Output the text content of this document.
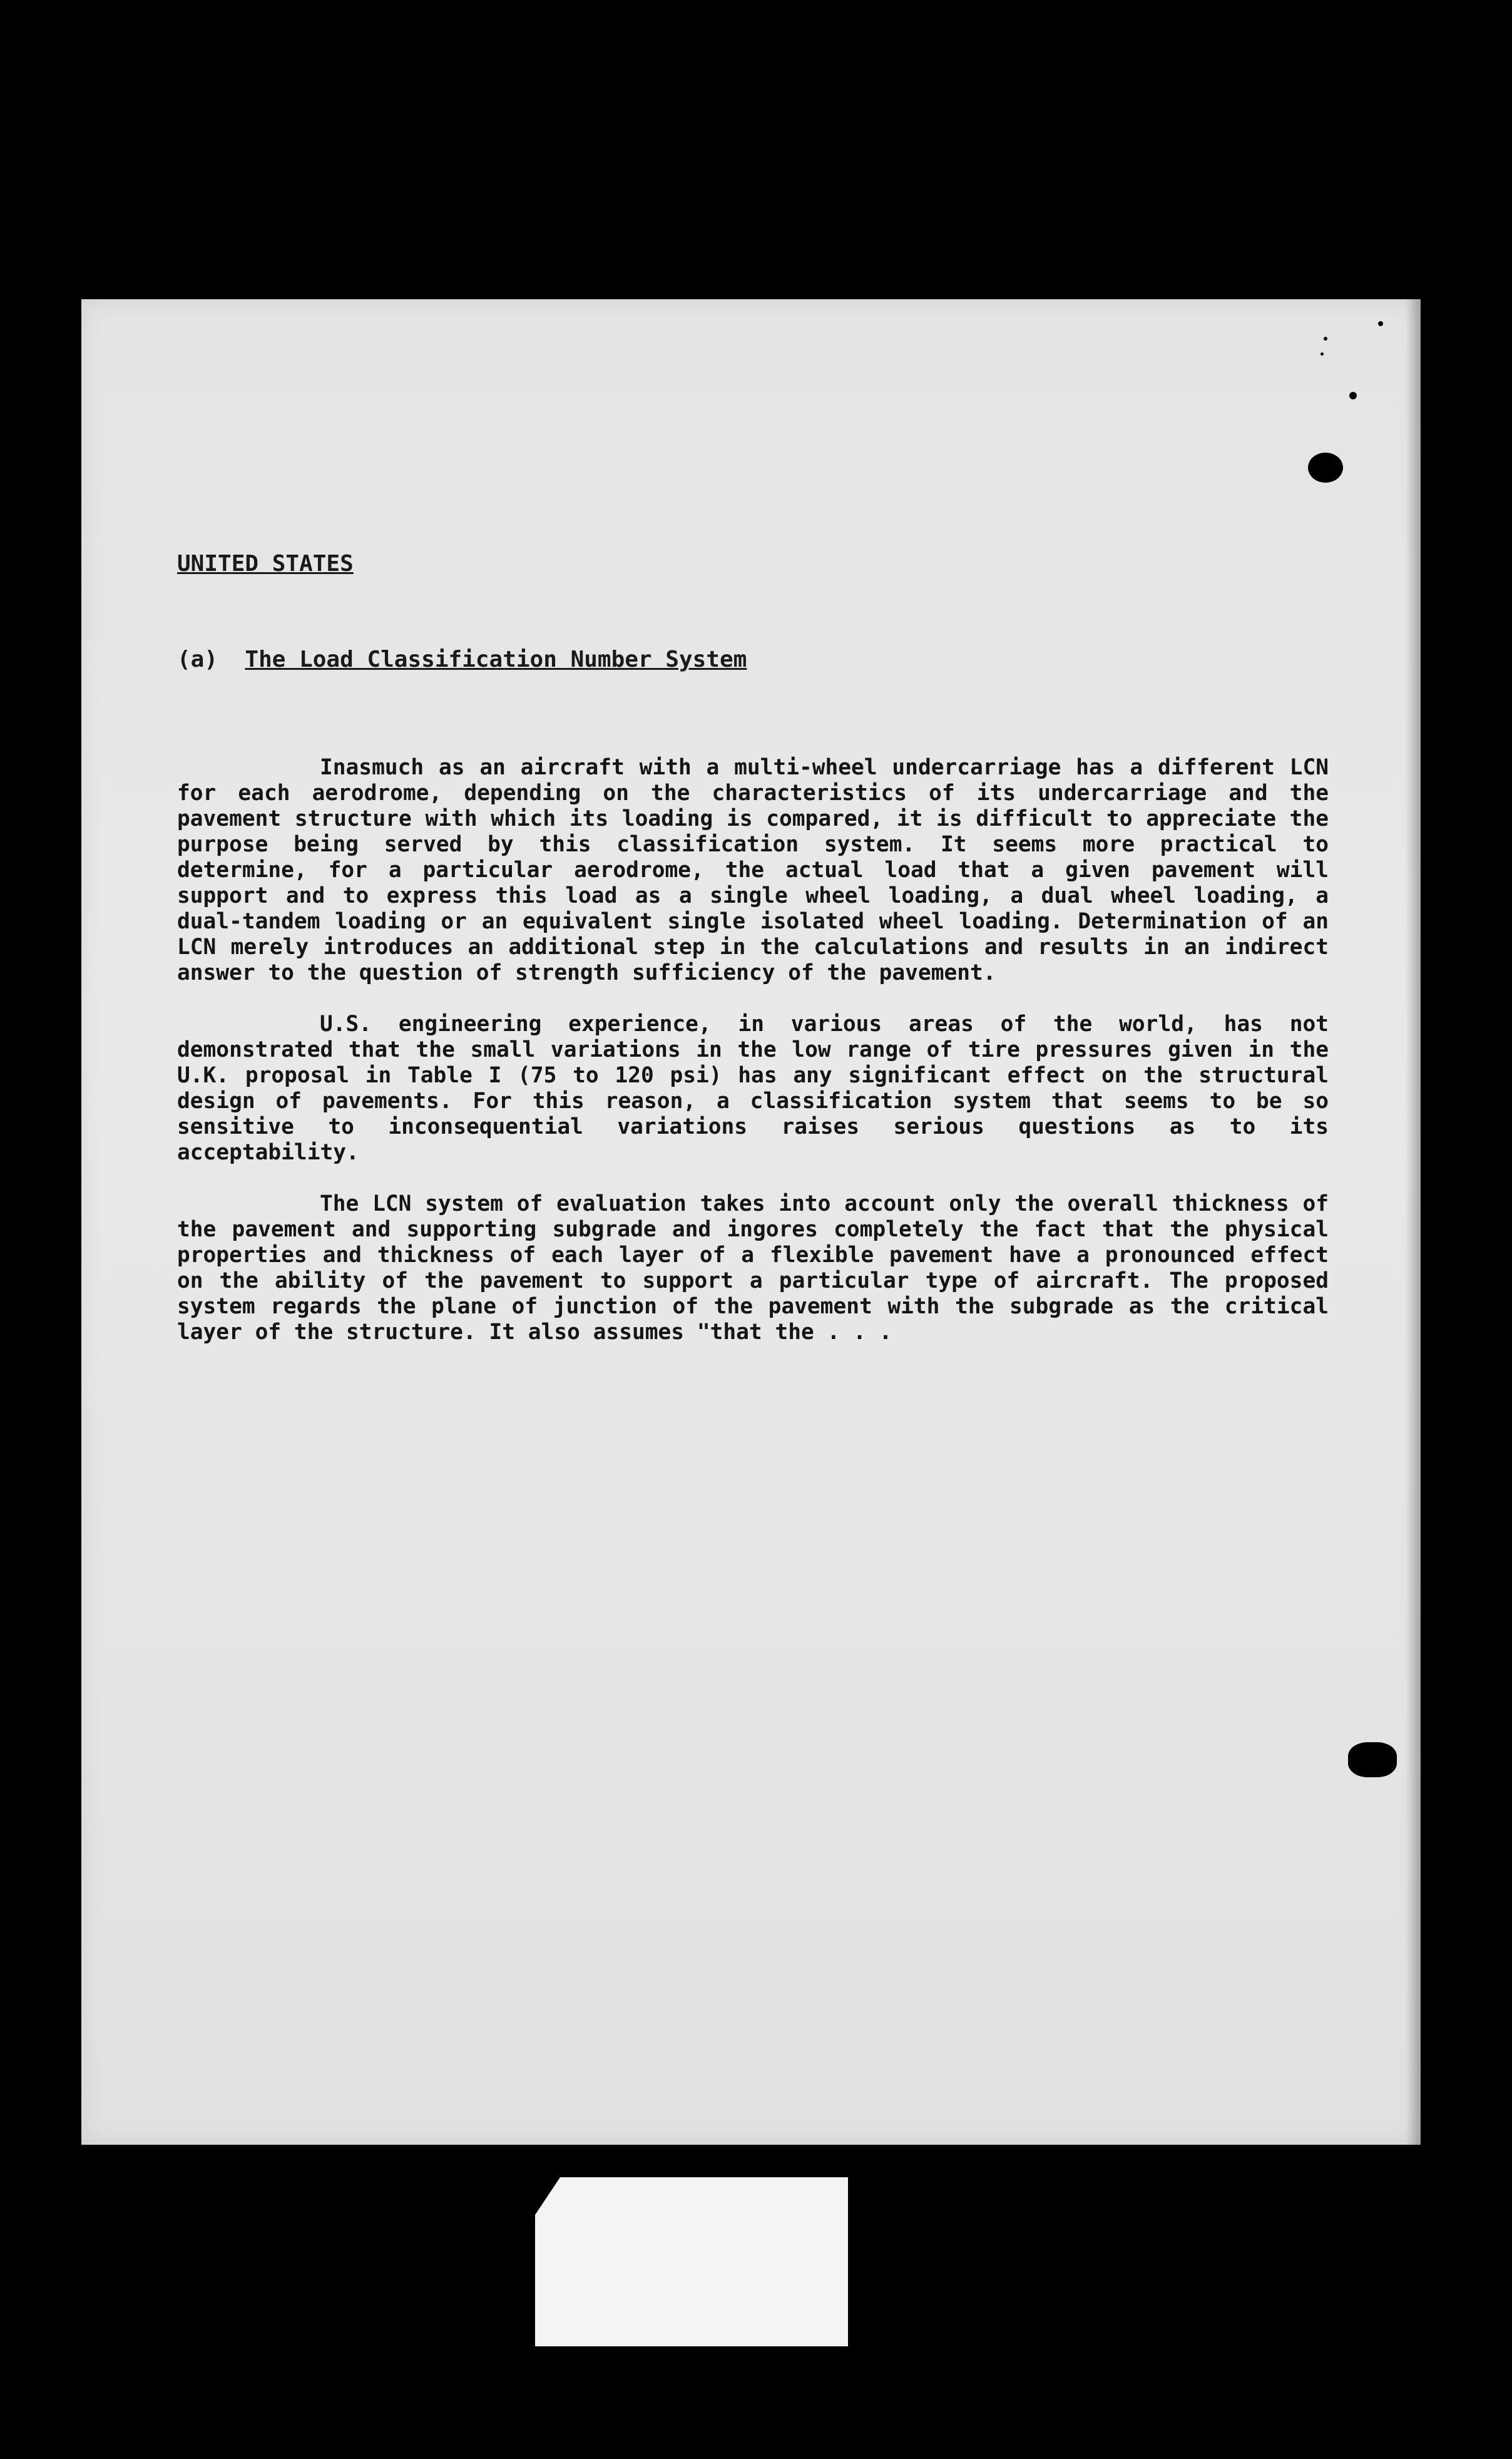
UNITED STATES
(a) The Load Classification Number System

Inasmuch as an aircraft with a multi-wheel undercarriage has a different LCN for each aerodrome, depending on the characteristics of its undercarriage and the pavement structure with which its loading is compared, it is difficult to appreciate the purpose being served by this classification system. It seems more practical to determine, for a particular aerodrome, the actual load that a given pavement will support and to express this load as a single wheel loading, a dual wheel loading, a dual-tandem loading or an equivalent single isolated wheel loading. Determination of an LCN merely introduces an additional step in the calculations and results in an indirect answer to the question of strength sufficiency of the pavement.

U.S. engineering experience, in various areas of the world, has not demonstrated that the small variations in the low range of tire pressures given in the U.K. proposal in Table I (75 to 120 psi) has any significant effect on the structural design of pavements. For this reason, a classification system that seems to be so sensitive to inconsequential variations raises serious questions as to its acceptability.

The LCN system of evaluation takes into account only the overall thickness of the pavement and supporting subgrade and ingores completely the fact that the physical properties and thickness of each layer of a flexible pavement have a pronounced effect on the ability of the pavement to support a particular type of aircraft. The proposed system regards the plane of junction of the pavement with the subgrade as the critical layer of the structure. It also assumes "that the . . .
